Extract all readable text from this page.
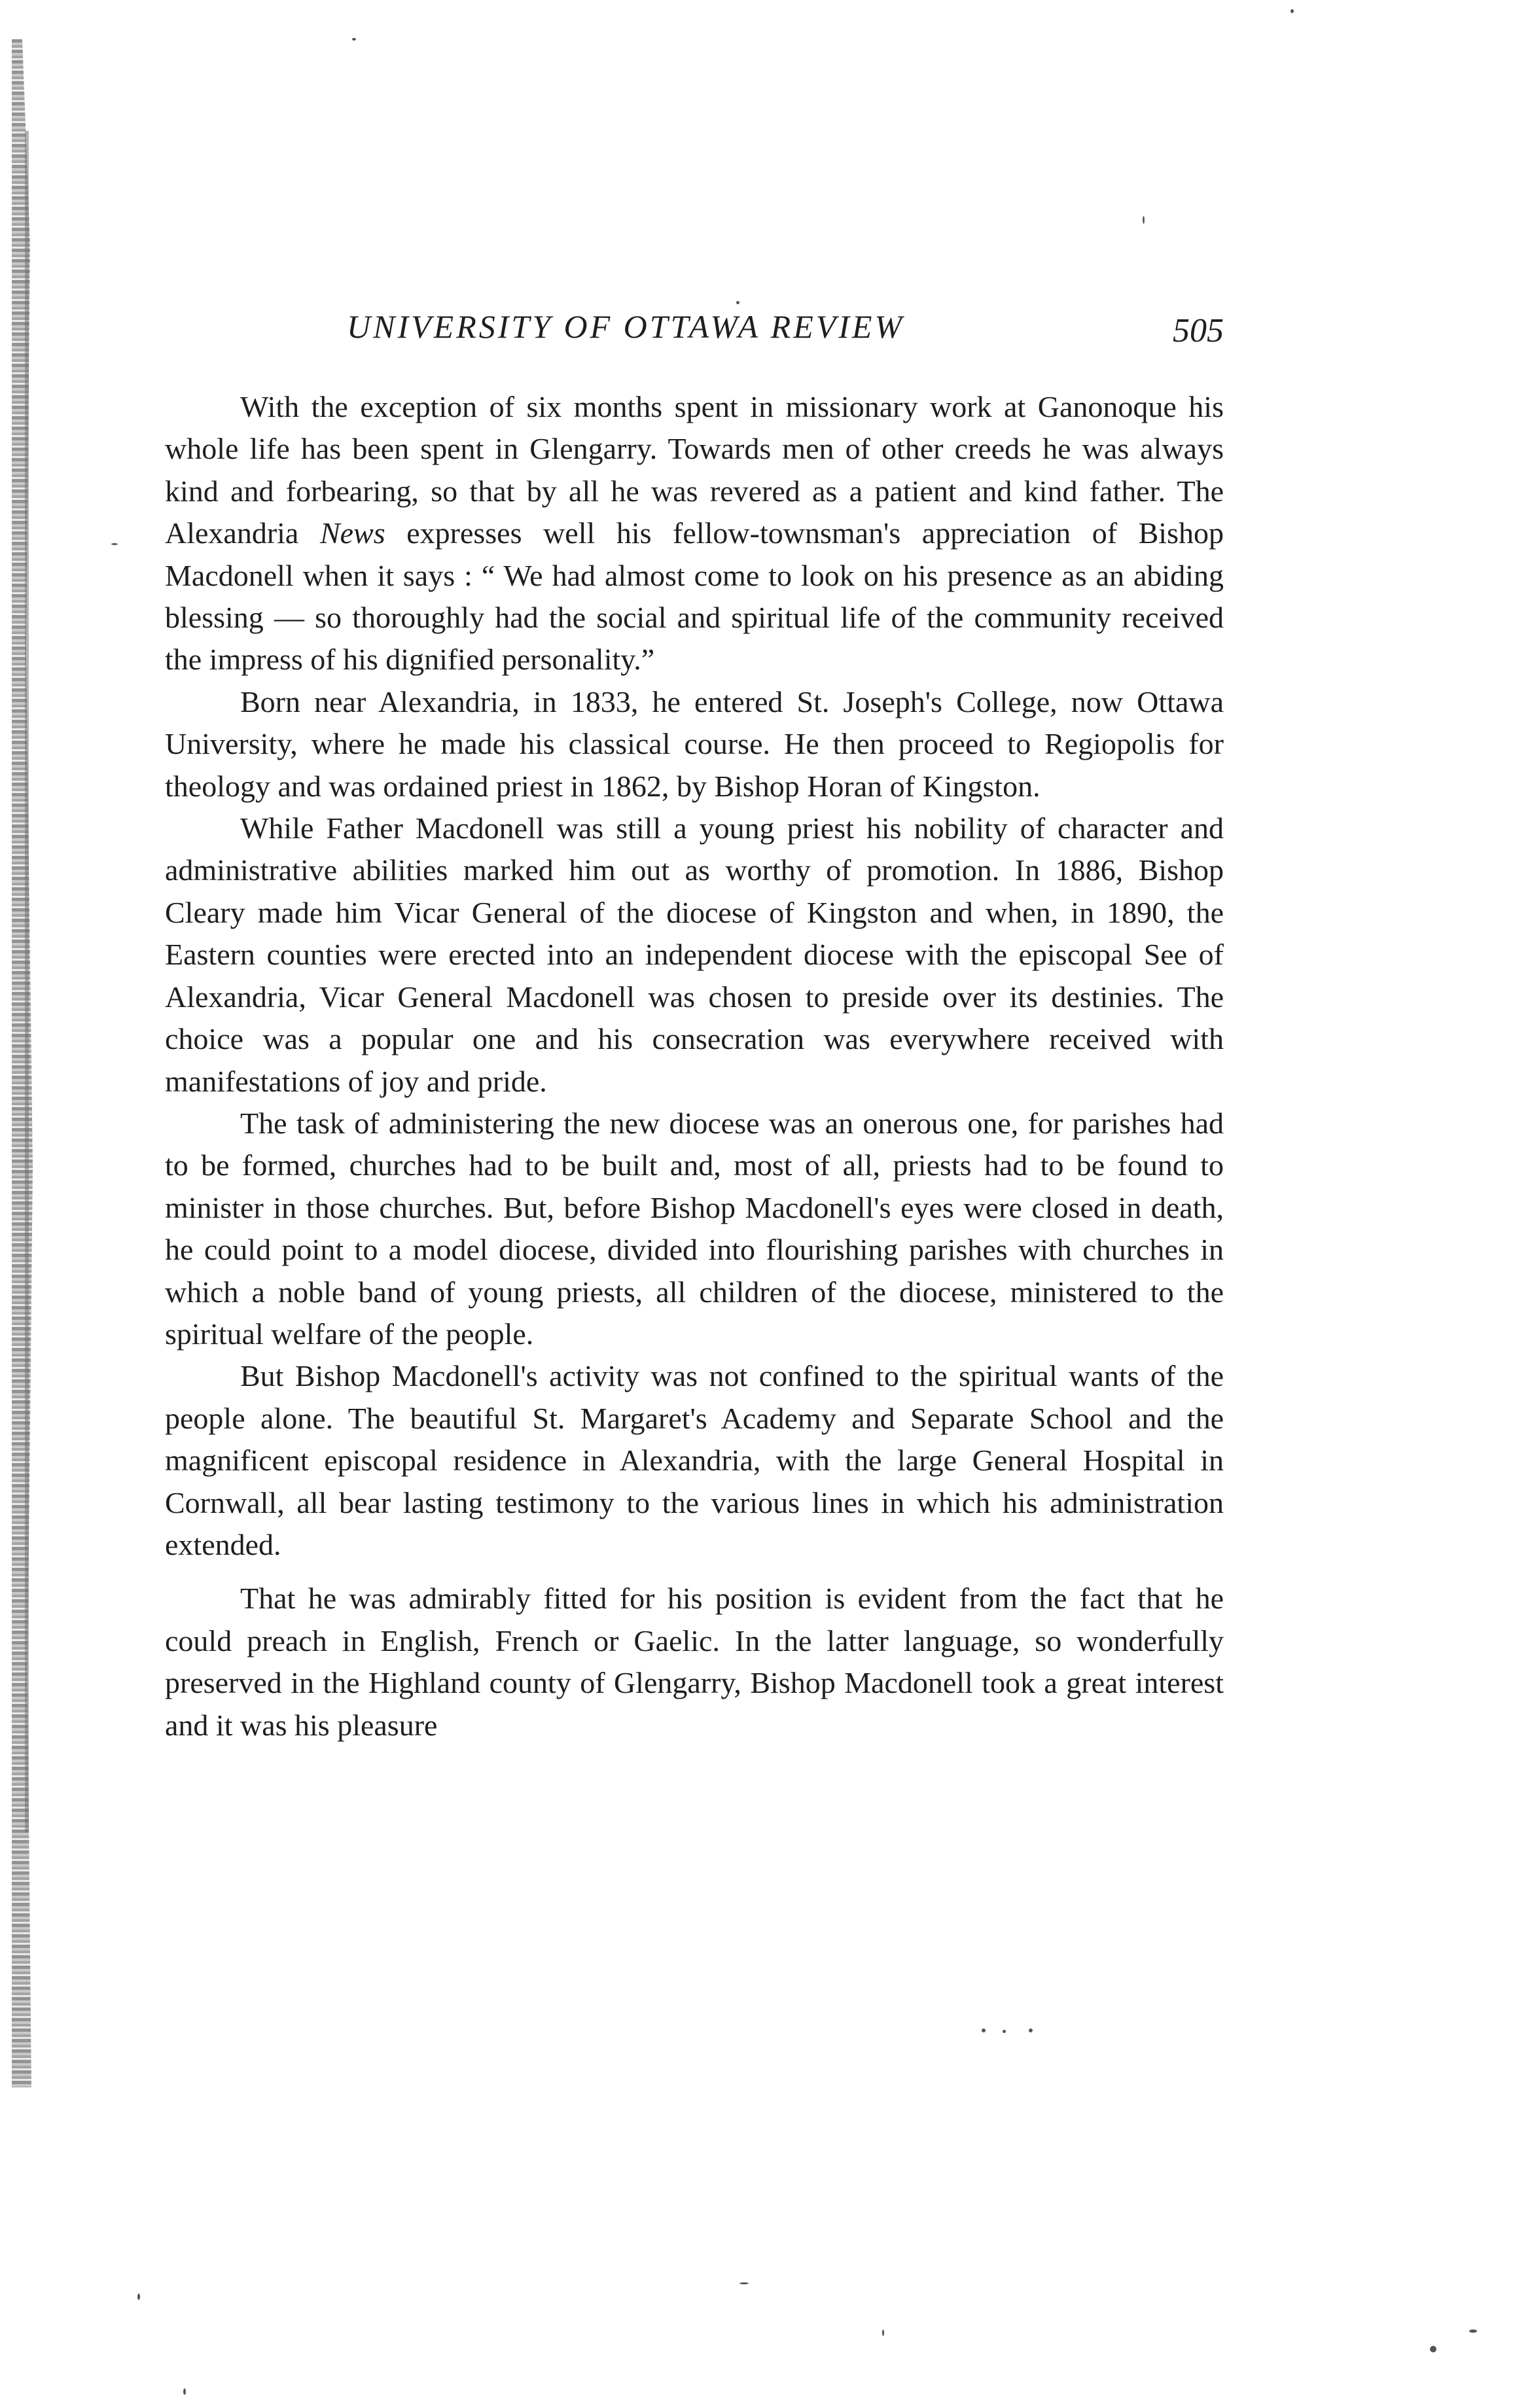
UNIVERSITY OF OTTAWA REVIEW	505

With the exception of six months spent in missionary work at Ganonoque his whole life has been spent in Glengarry. Towards men of other creeds he was always kind and forbearing, so that by all he was revered as a patient and kind father. The Alexandria News expresses well his fellow-townsman's appreciation of Bishop Macdonell when it says : “ We had almost come to look on his presence as an abiding blessing — so thoroughly had the social and spiritual life of the community received the impress of his dignified personality.”

Born near Alexandria, in 1833, he entered St. Joseph's College, now Ottawa University, where he made his classical course. He then proceed to Regiopolis for theology and was ordained priest in 1862, by Bishop Horan of Kingston.

While Father Macdonell was still a young priest his nobility of character and administrative abilities marked him out as worthy of promotion. In 1886, Bishop Cleary made him Vicar General of the diocese of Kingston and when, in 1890, the Eastern counties were erected into an independent diocese with the episcopal See of Alexandria, Vicar General Macdonell was chosen to preside over its destinies. The choice was a popular one and his consecration was everywhere received with manifestations of joy and pride.

The task of administering the new diocese was an onerous one, for parishes had to be formed, churches had to be built and, most of all, priests had to be found to minister in those churches. But, before Bishop Macdonell's eyes were closed in death, he could point to a model diocese, divided into flourishing parishes with churches in which a noble band of young priests, all children of the diocese, ministered to the spiritual welfare of the people.

But Bishop Macdonell's activity was not confined to the spiritual wants of the people alone. The beautiful St. Margaret's Academy and Separate School and the magnificent episcopal residence in Alexandria, with the large General Hospital in Cornwall, all bear lasting testimony to the various lines in which his administration extended.

That he was admirably fitted for his position is evident from the fact that he could preach in English, French or Gaelic. In the latter language, so wonderfully preserved in the Highland county of Glengarry, Bishop Macdonell took a great interest and it was his pleasure
